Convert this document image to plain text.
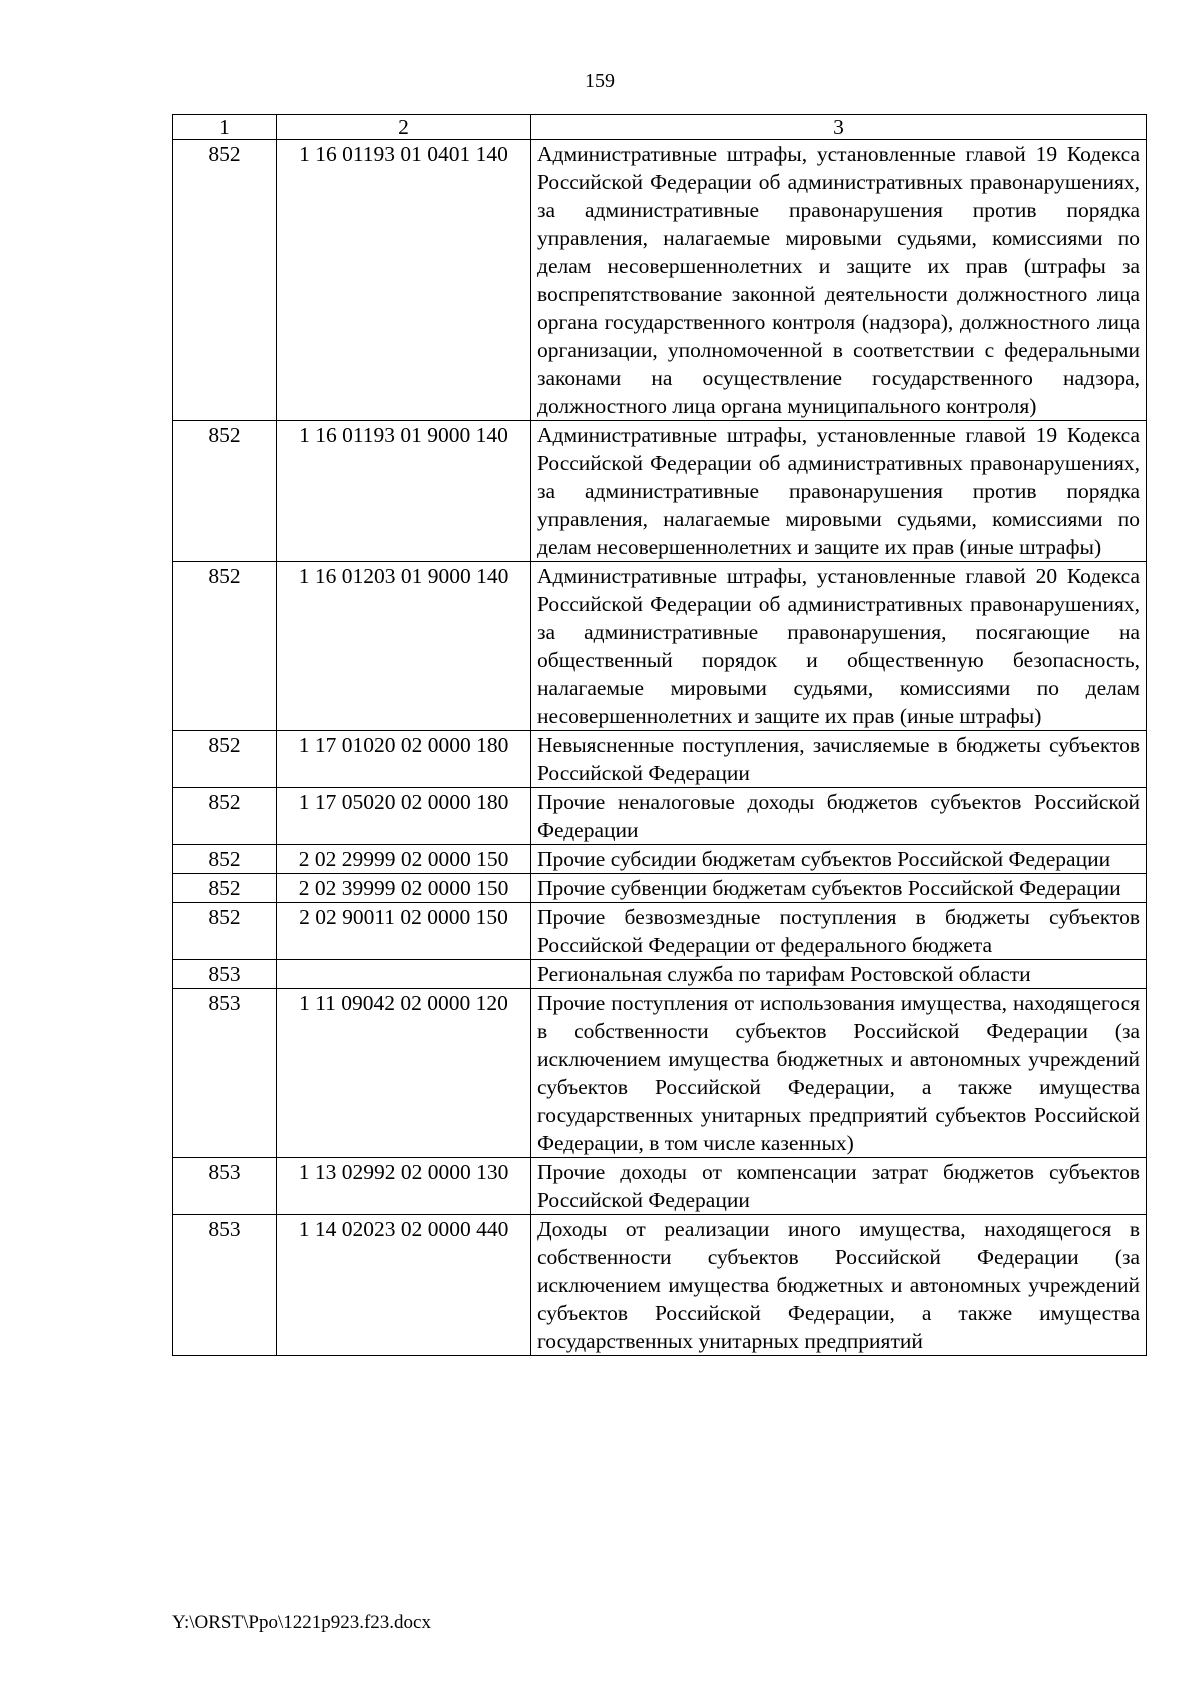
159
1	2	3
852	1 16 01193 01 0401 140	Административные штрафы, установленные главой 19 Кодекса Российской Федерации об административных правонарушениях, за административные правонарушения против порядка управления, налагаемые мировыми судьями, комиссиями по делам несовершеннолетних и защите их прав (штрафы за воспрепятствование законной деятельности должностного лица органа государственного контроля (надзора), должностного лица организации, уполномоченной в соответствии с федеральными законами на осуществление государственного надзора, должностного лица органа муниципального контроля)
852	1 16 01193 01 9000 140	Административные штрафы, установленные главой 19 Кодекса Российской Федерации об административных правонарушениях, за административные правонарушения против порядка управления, налагаемые мировыми судьями, комиссиями по делам несовершеннолетних и защите их прав (иные штрафы)
852	1 16 01203 01 9000 140	Административные штрафы, установленные главой 20 Кодекса Российской Федерации об административных правонарушениях, за административные правонарушения, посягающие на общественный порядок и общественную безопасность, налагаемые мировыми судьями, комиссиями по делам несовершеннолетних и защите их прав (иные штрафы)
852	1 17 01020 02 0000 180	Невыясненные поступления, зачисляемые в бюджеты субъектов Российской Федерации
852	1 17 05020 02 0000 180	Прочие неналоговые доходы бюджетов субъектов Российской Федерации
852	2 02 29999 02 0000 150	Прочие субсидии бюджетам субъектов Российской Федерации
852	2 02 39999 02 0000 150	Прочие субвенции бюджетам субъектов Российской Федерации
852	2 02 90011 02 0000 150	Прочие безвозмездные поступления в бюджеты субъектов Российской Федерации от федерального бюджета
853		Региональная служба по тарифам Ростовской области
853	1 11 09042 02 0000 120	Прочие поступления от использования имущества, находящегося в собственности субъектов Российской Федерации (за исключением имущества бюджетных и автономных учреждений субъектов Российской Федерации, а также имущества государственных унитарных предприятий субъектов Российской Федерации, в том числе казенных)
853	1 13 02992 02 0000 130	Прочие доходы от компенсации затрат бюджетов субъектов Российской Федерации
853	1 14 02023 02 0000 440	Доходы от реализации иного имущества, находящегося в собственности субъектов Российской Федерации (за исключением имущества бюджетных и автономных учреждений субъектов Российской Федерации, а также имущества государственных унитарных предприятий
Y:\ORST\Ppo\1221p923.f23.docx
